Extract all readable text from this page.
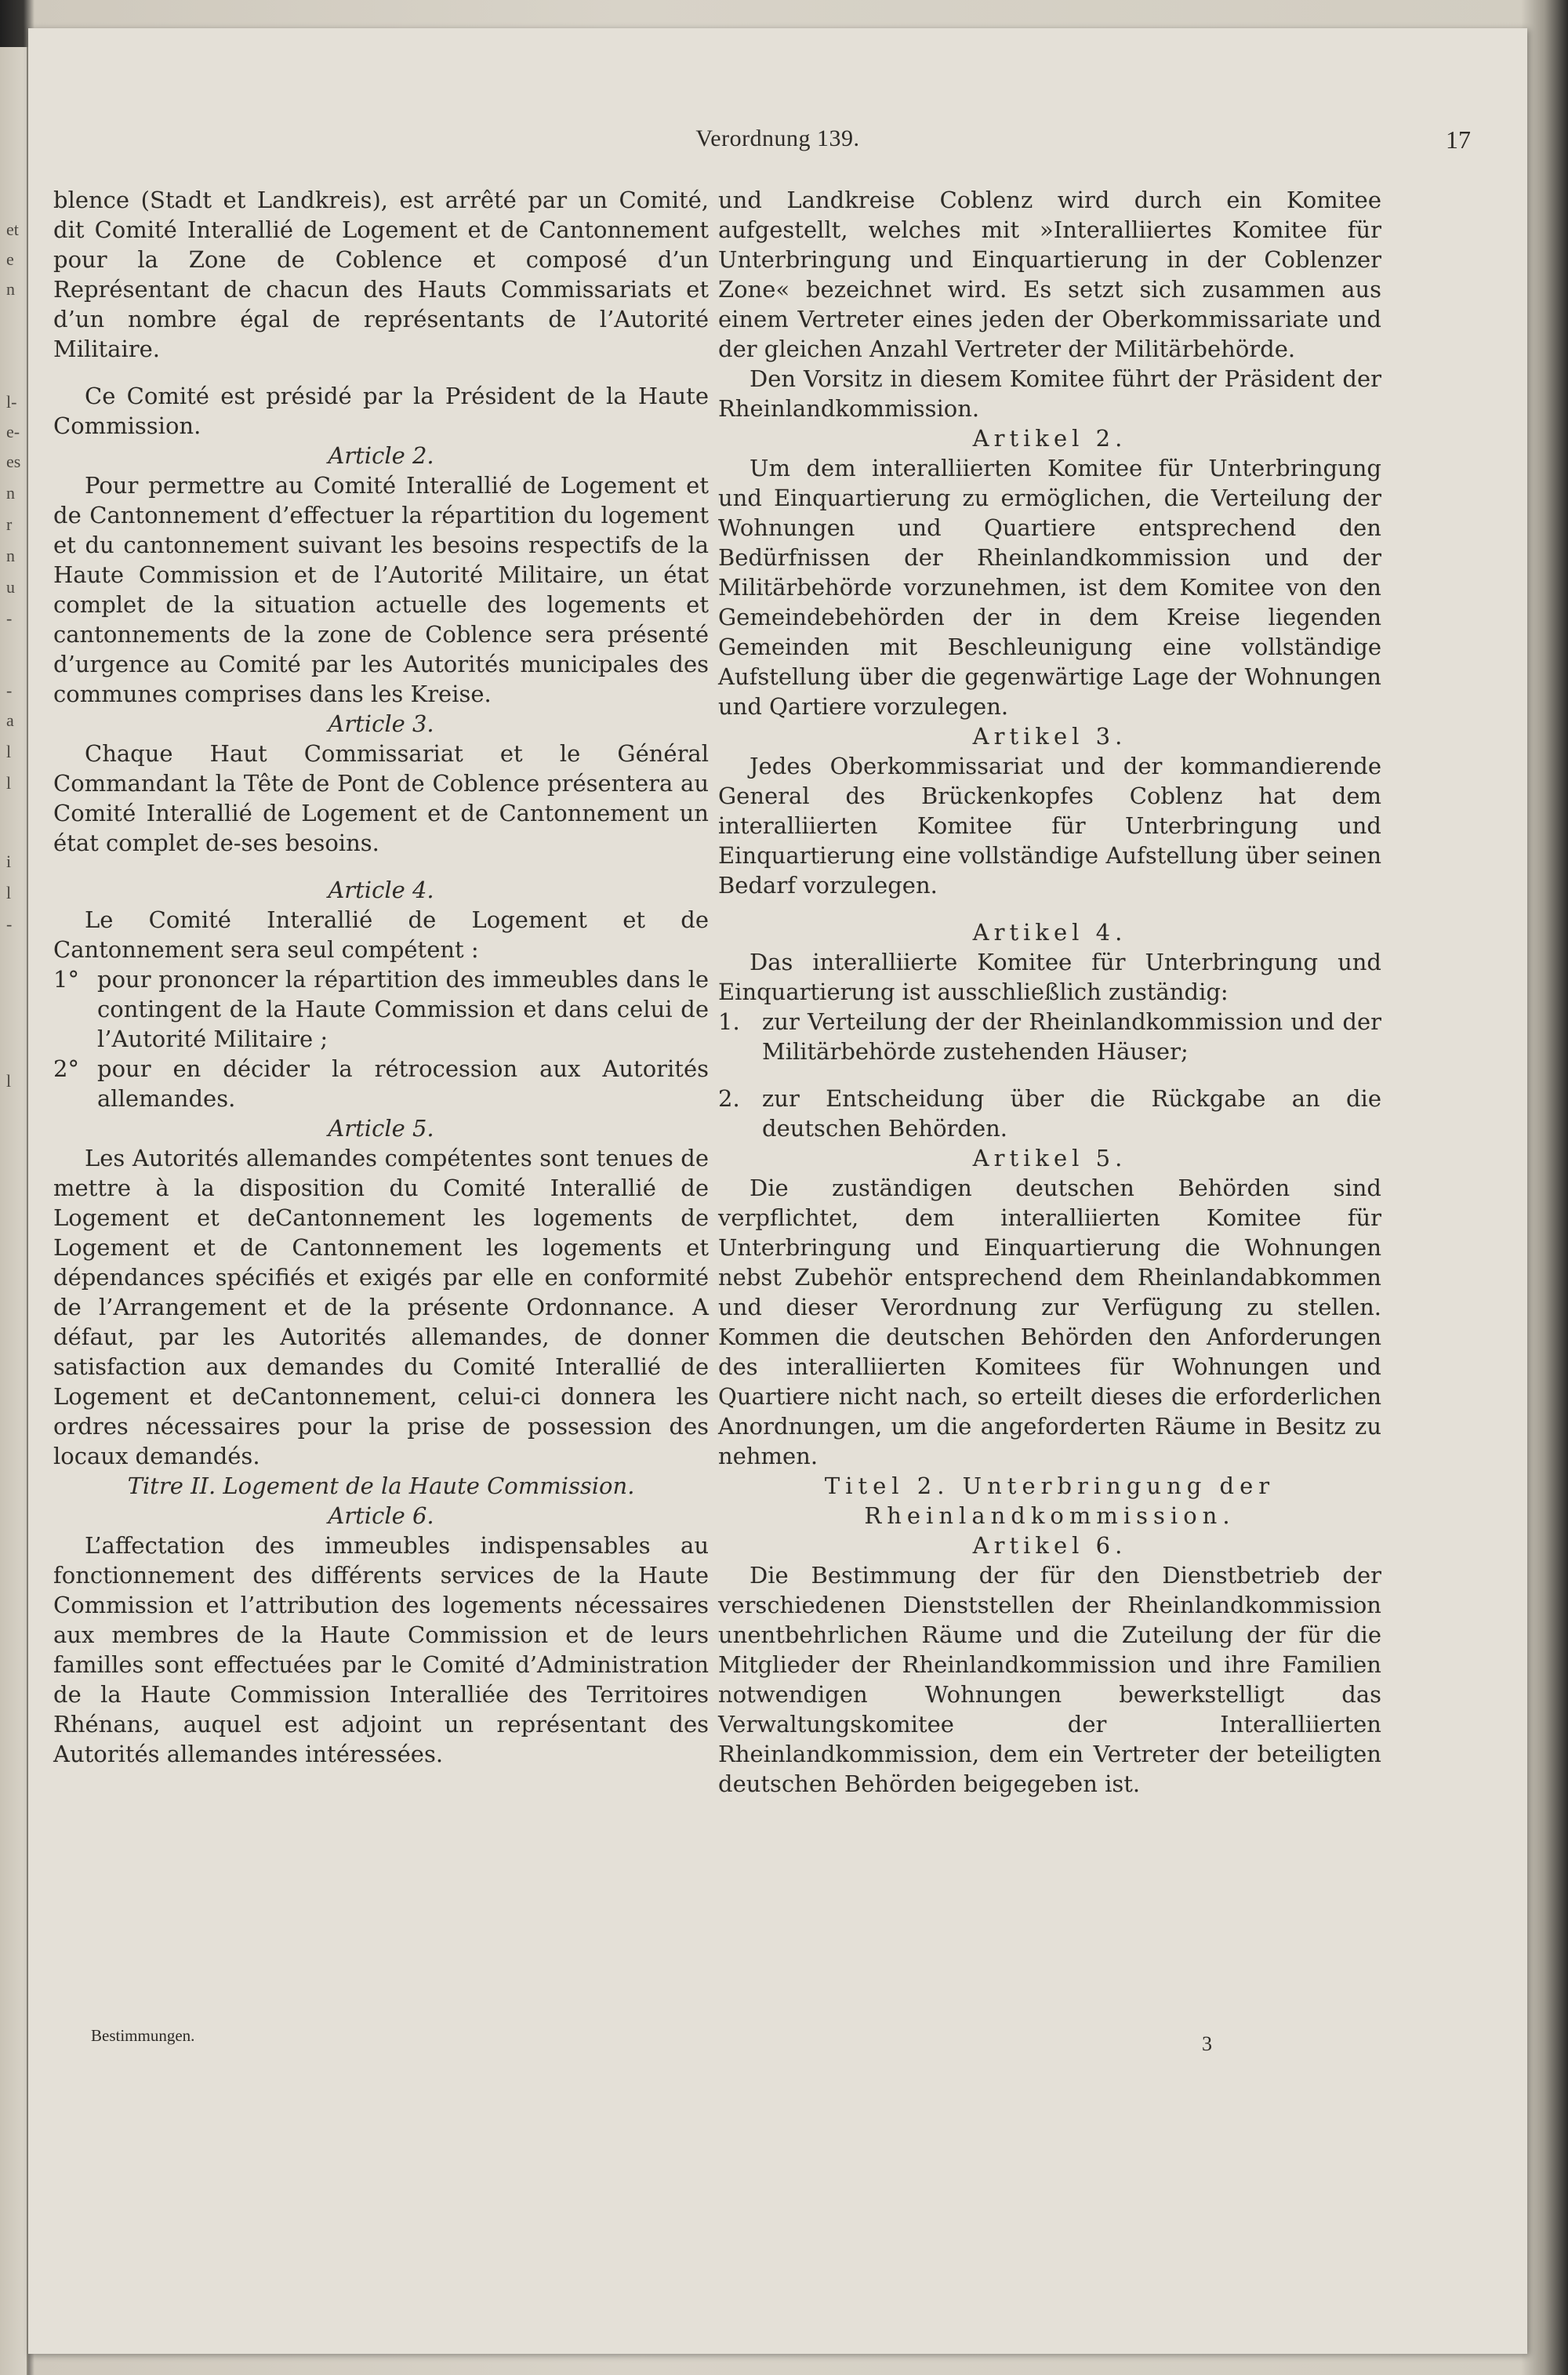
et
e
n
l-
e-
es
n
r
n
u
-
-
a
l
l
i
l
-
l
Verordnung 139.	17

blence (Stadt et Landkreis), est arrêté par un Comité, dit Comité Interallié de Logement et de Cantonnement pour la Zone de Coblence et composé d’un Représentant de chacun des Hauts Commissariats et d’un nombre égal de représentants de l’Autorité Militaire.

Ce Comité est présidé par la Président de la Haute Commission.

Article 2.

Pour permettre au Comité Interallié de Logement et de Cantonnement d’effectuer la répartition du logement et du cantonnement suivant les besoins respectifs de la Haute Commission et de l’Autorité Militaire, un état complet de la situation actuelle des logements et cantonnements de la zone de Coblence sera présenté d’urgence au Comité par les Autorités municipales des communes comprises dans les Kreise.

Article 3.

Chaque Haut Commissariat et le Général Commandant la Tête de Pont de Coblence présentera au Comité Interallié de Logement et de Cantonnement un état complet de-ses besoins.

Article 4.

Le Comité Interallié de Logement et de Cantonnement sera seul compétent :

1° pour prononcer la répartition des immeubles dans le contingent de la Haute Commission et dans celui de l’Autorité Militaire ;
2° pour en décider la rétrocession aux Autorités allemandes.

Article 5.

Les Autorités allemandes compétentes sont tenues de mettre à la disposition du Comité Interallié de Logement et deCantonnement les logements de Logement et de Cantonnement les logements et dépendances spécifiés et exigés par elle en conformité de l’Arrangement et de la présente Ordonnance. A défaut, par les Autorités allemandes, de donner satisfaction aux demandes du Comité Interallié de Logement et deCantonnement, celui-ci donnera les ordres nécessaires pour la prise de possession des locaux demandés.

Titre II. Logement de la Haute Commission.

Article 6.

L’affectation des immeubles indispensables au fonctionnement des différents services de la Haute Commission et l’attribution des logements nécessaires aux membres de la Haute Commission et de leurs familles sont effectuées par le Comité d’Administration de la Haute Commission Interalliée des Territoires Rhénans, auquel est adjoint un représentant des Autorités allemandes intéressées.

und Landkreise Coblenz wird durch ein Komitee aufgestellt, welches mit »Interalliiertes Komitee für Unterbringung und Einquartierung in der Coblenzer Zone« bezeichnet wird. Es setzt sich zusammen aus einem Vertreter eines jeden der Oberkommissariate und der gleichen Anzahl Vertreter der Militärbehörde.

Den Vorsitz in diesem Komitee führt der Präsident der Rheinlandkommission.

Artikel 2.

Um dem interalliierten Komitee für Unterbringung und Einquartierung zu ermöglichen, die Verteilung der Wohnungen und Quartiere entsprechend den Bedürfnissen der Rheinlandkommission und der Militärbehörde vorzunehmen, ist dem Komitee von den Gemeindebehörden der in dem Kreise liegenden Gemeinden mit Beschleunigung eine vollständige Aufstellung über die gegenwärtige Lage der Wohnungen und Qartiere vorzulegen.

Artikel 3.

Jedes Oberkommissariat und der kommandierende General des Brückenkopfes Coblenz hat dem interalliierten Komitee für Unterbringung und Einquartierung eine vollständige Aufstellung über seinen Bedarf vorzulegen.

Artikel 4.

Das interalliierte Komitee für Unterbringung und Einquartierung ist ausschließlich zuständig:

1. zur Verteilung der der Rheinlandkommission und der Militärbehörde zustehenden Häuser;
2. zur Entscheidung über die Rückgabe an die deutschen Behörden.

Artikel 5.

Die zuständigen deutschen Behörden sind verpflichtet, dem interalliierten Komitee für Unterbringung und Einquartierung die Wohnungen nebst Zubehör entsprechend dem Rheinlandabkommen und dieser Verordnung zur Verfügung zu stellen. Kommen die deutschen Behörden den Anforderungen des interalliierten Komitees für Wohnungen und Quartiere nicht nach, so erteilt dieses die erforderlichen Anordnungen, um die angeforderten Räume in Besitz zu nehmen.

Titel 2. Unterbringung der Rheinlandkommission.

Artikel 6.

Die Bestimmung der für den Dienstbetrieb der verschiedenen Dienststellen der Rheinlandkommission unentbehrlichen Räume und die Zuteilung der für die Mitglieder der Rheinlandkommission und ihre Familien notwendigen Wohnungen bewerkstelligt das Verwaltungskomitee der Interalliierten Rheinlandkommission, dem ein Vertreter der beteiligten deutschen Behörden beigegeben ist.

Bestimmungen.	3
